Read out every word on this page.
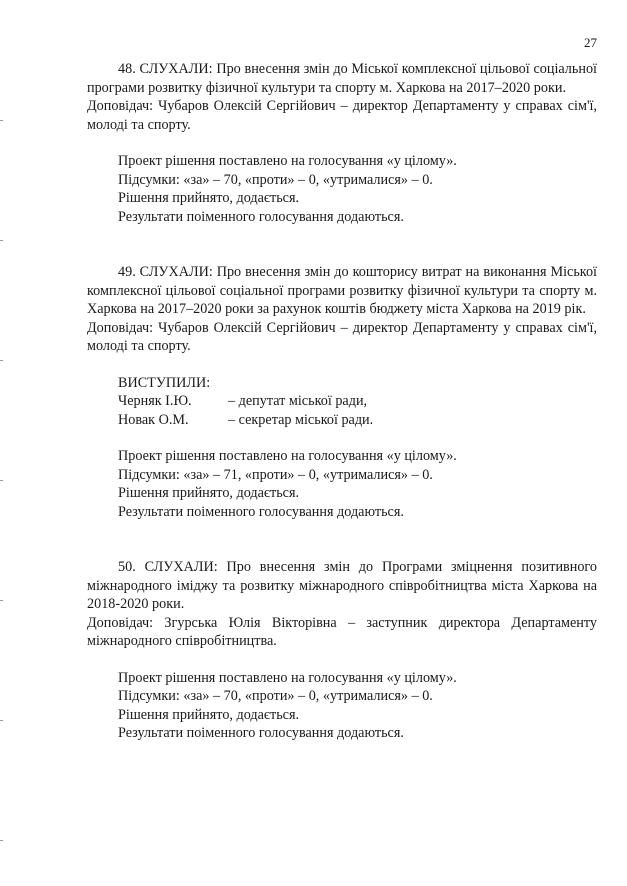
27

48. СЛУХАЛИ: Про внесення змін до Міської комплексної цільової соціальної програми розвитку фізичної культури та спорту м. Харкова на 2017–2020 роки.

Доповідач: Чубаров Олексій Сергійович – директор Департаменту у справах сім'ї, молоді та спорту.

Проект рішення поставлено на голосування «у цілому».

Підсумки: «за» – 70, «проти» – 0, «утрималися» – 0.

Рішення прийнято, додається.

Результати поіменного голосування додаються.

49. СЛУХАЛИ: Про внесення змін до кошторису витрат на виконання Міської комплексної цільової соціальної програми розвитку фізичної культури та спорту м. Харкова на 2017–2020 роки за рахунок коштів бюджету міста Харкова на 2019 рік.

Доповідач: Чубаров Олексій Сергійович – директор Департаменту у справах сім'ї, молоді та спорту.

ВИСТУПИЛИ:

Черняк І.Ю.	– депутат міської ради,
Новак О.М.	– секретар міської ради.

Проект рішення поставлено на голосування «у цілому».

Підсумки: «за» – 71, «проти» – 0, «утрималися» – 0.

Рішення прийнято, додається.

Результати поіменного голосування додаються.

50. СЛУХАЛИ: Про внесення змін до Програми зміцнення позитивного міжнародного іміджу та розвитку міжнародного співробітництва міста Харкова на 2018-2020 роки.

Доповідач: Згурська Юлія Вікторівна – заступник директора Департаменту міжнародного співробітництва.

Проект рішення поставлено на голосування «у цілому».

Підсумки: «за» – 70, «проти» – 0, «утрималися» – 0.

Рішення прийнято, додається.

Результати поіменного голосування додаються.
